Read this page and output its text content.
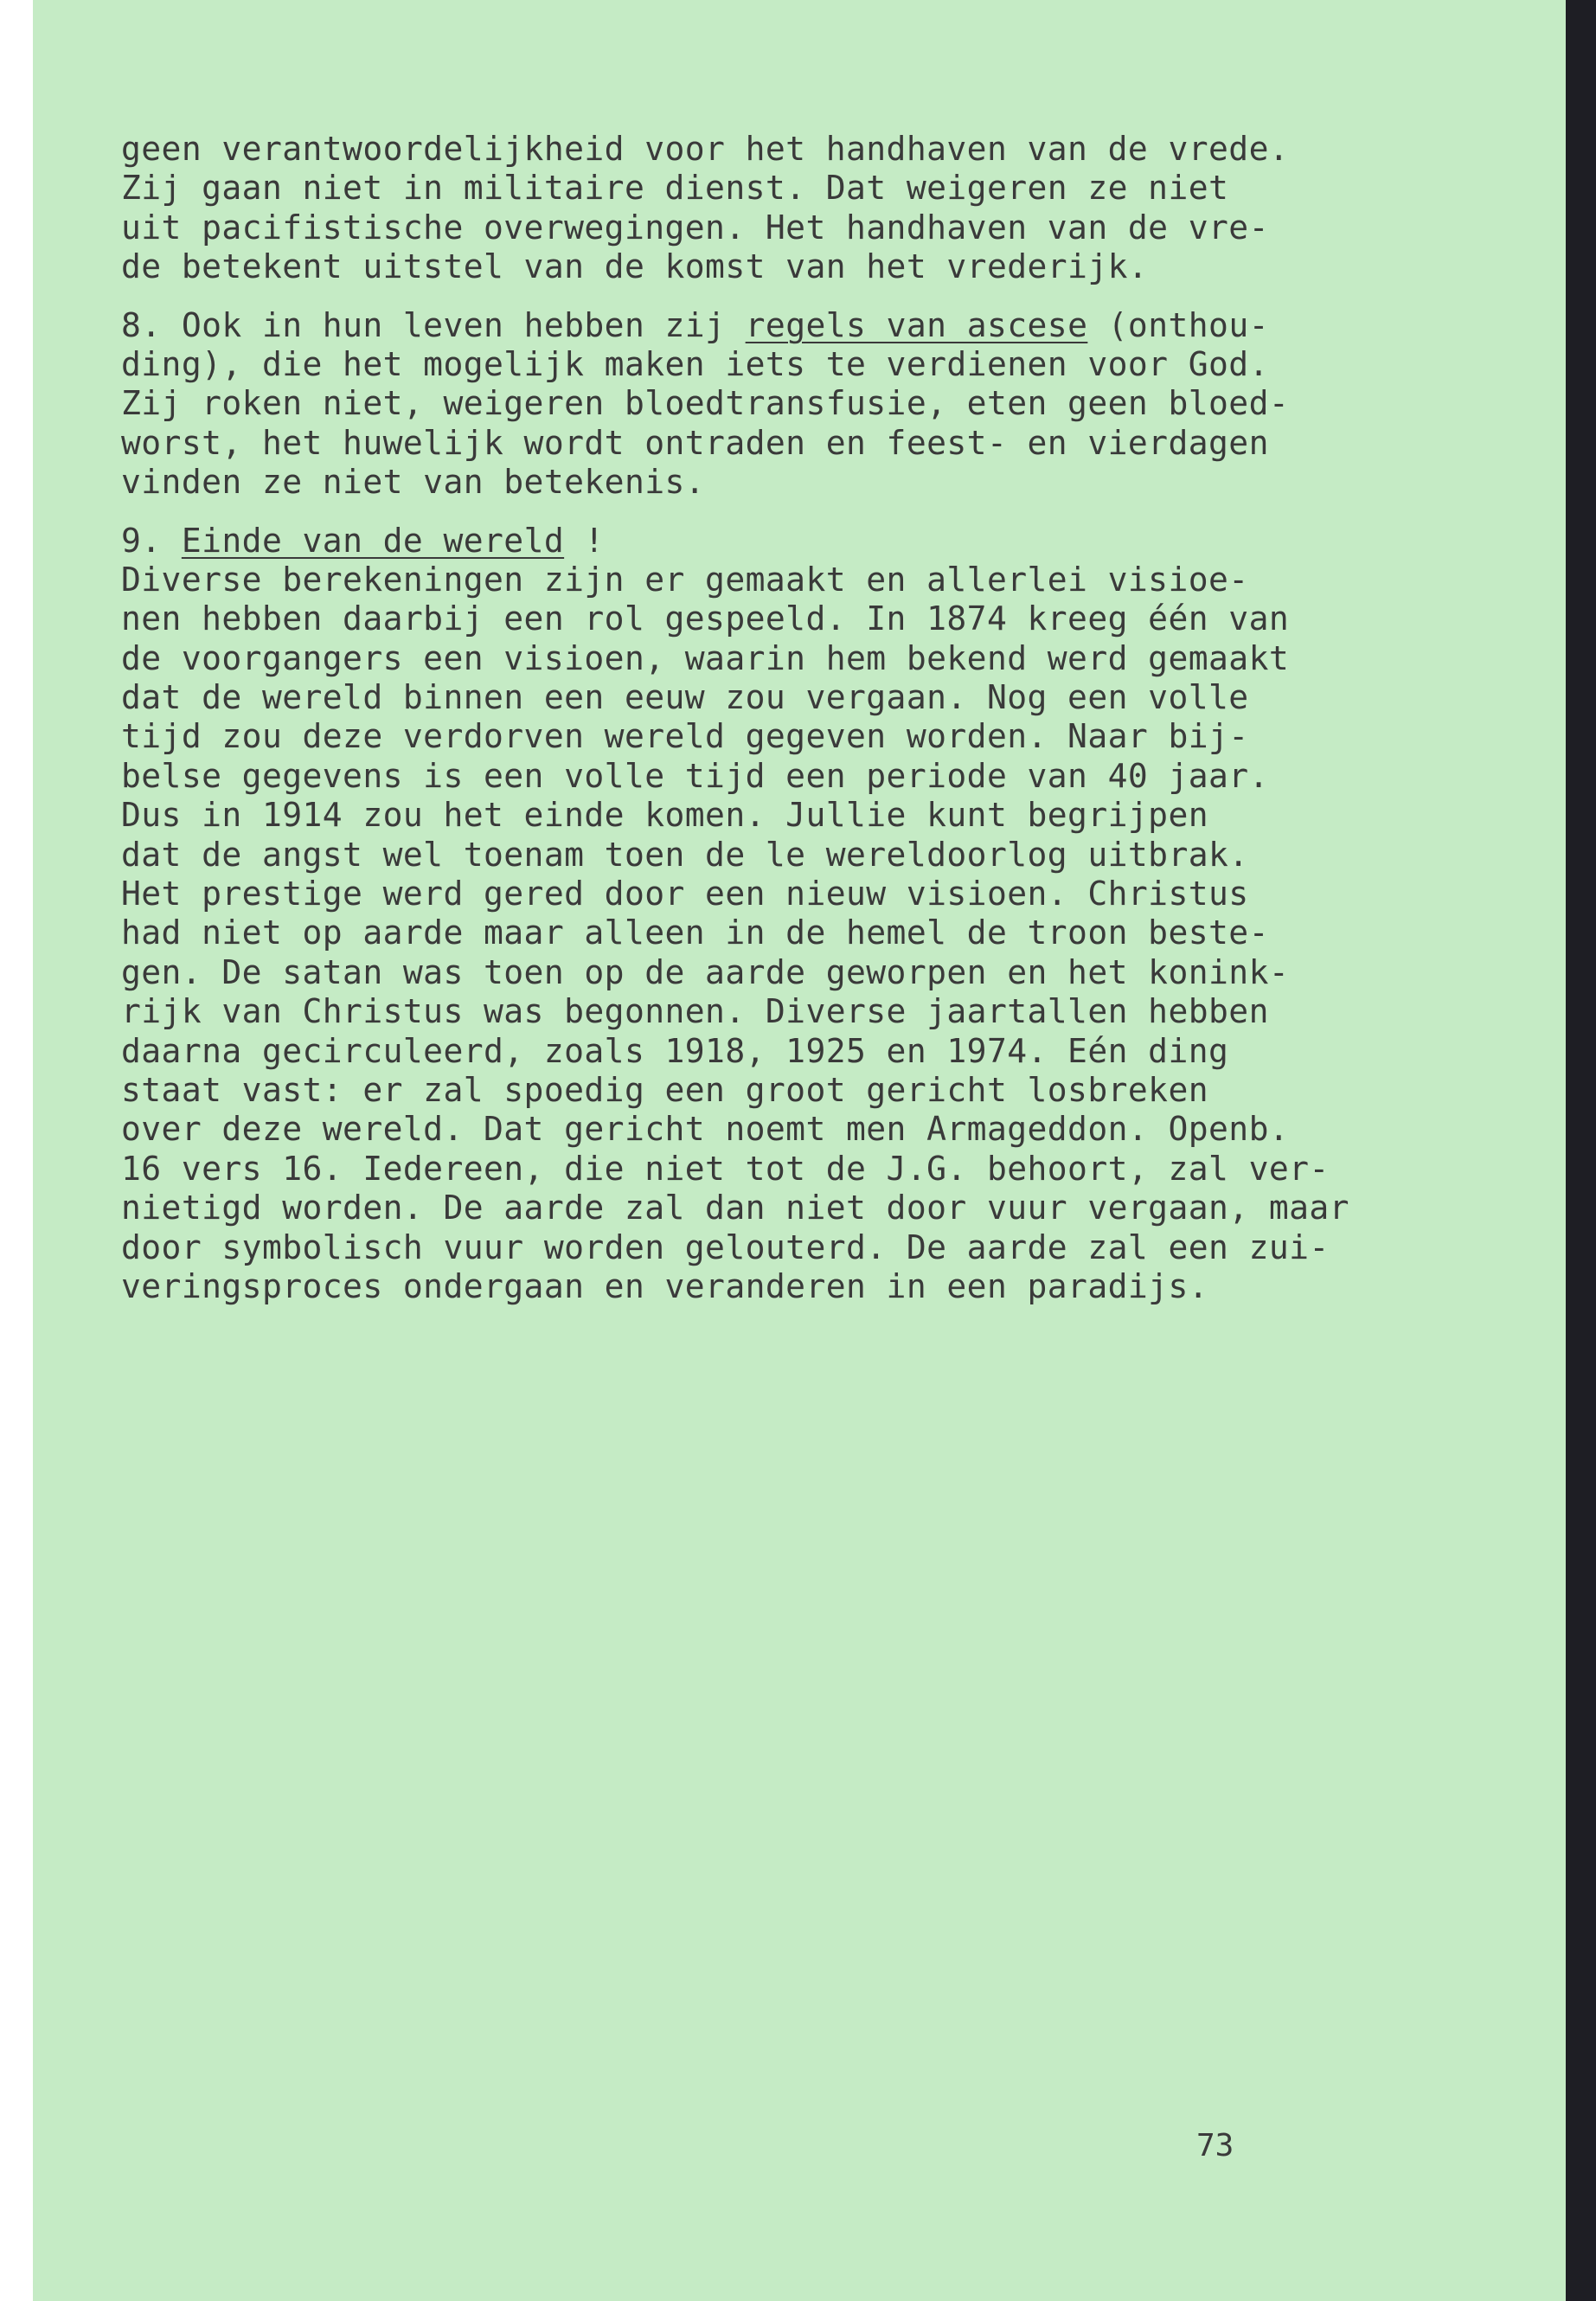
geen verantwoordelijkheid voor het handhaven van de vrede.
Zij gaan niet in militaire dienst. Dat weigeren ze niet
uit pacifistische overwegingen. Het handhaven van de vre-
de betekent uitstel van de komst van het vrederijk.
8. Ook in hun leven hebben zij regels van ascese (onthou-
ding), die het mogelijk maken iets te verdienen voor God.
Zij roken niet, weigeren bloedtransfusie, eten geen bloed-
worst, het huwelijk wordt ontraden en feest- en vierdagen
vinden ze niet van betekenis.
9. Einde van de wereld !
Diverse berekeningen zijn er gemaakt en allerlei visioe-
nen hebben daarbij een rol gespeeld. In 1874 kreeg één van
de voorgangers een visioen, waarin hem bekend werd gemaakt
dat de wereld binnen een eeuw zou vergaan. Nog een volle
tijd zou deze verdorven wereld gegeven worden. Naar bij-
belse gegevens is een volle tijd een periode van 40 jaar.
Dus in 1914 zou het einde komen. Jullie kunt begrijpen
dat de angst wel toenam toen de le wereldoorlog uitbrak.
Het prestige werd gered door een nieuw visioen. Christus
had niet op aarde maar alleen in de hemel de troon beste-
gen. De satan was toen op de aarde geworpen en het konink-
rijk van Christus was begonnen. Diverse jaartallen hebben
daarna gecirculeerd, zoals 1918, 1925 en 1974. Eén ding
staat vast: er zal spoedig een groot gericht losbreken
over deze wereld. Dat gericht noemt men Armageddon. Openb.
16 vers 16. Iedereen, die niet tot de J.G. behoort, zal ver-
nietigd worden. De aarde zal dan niet door vuur vergaan, maar
door symbolisch vuur worden gelouterd. De aarde zal een zui-
veringsproces ondergaan en veranderen in een paradijs.
73
